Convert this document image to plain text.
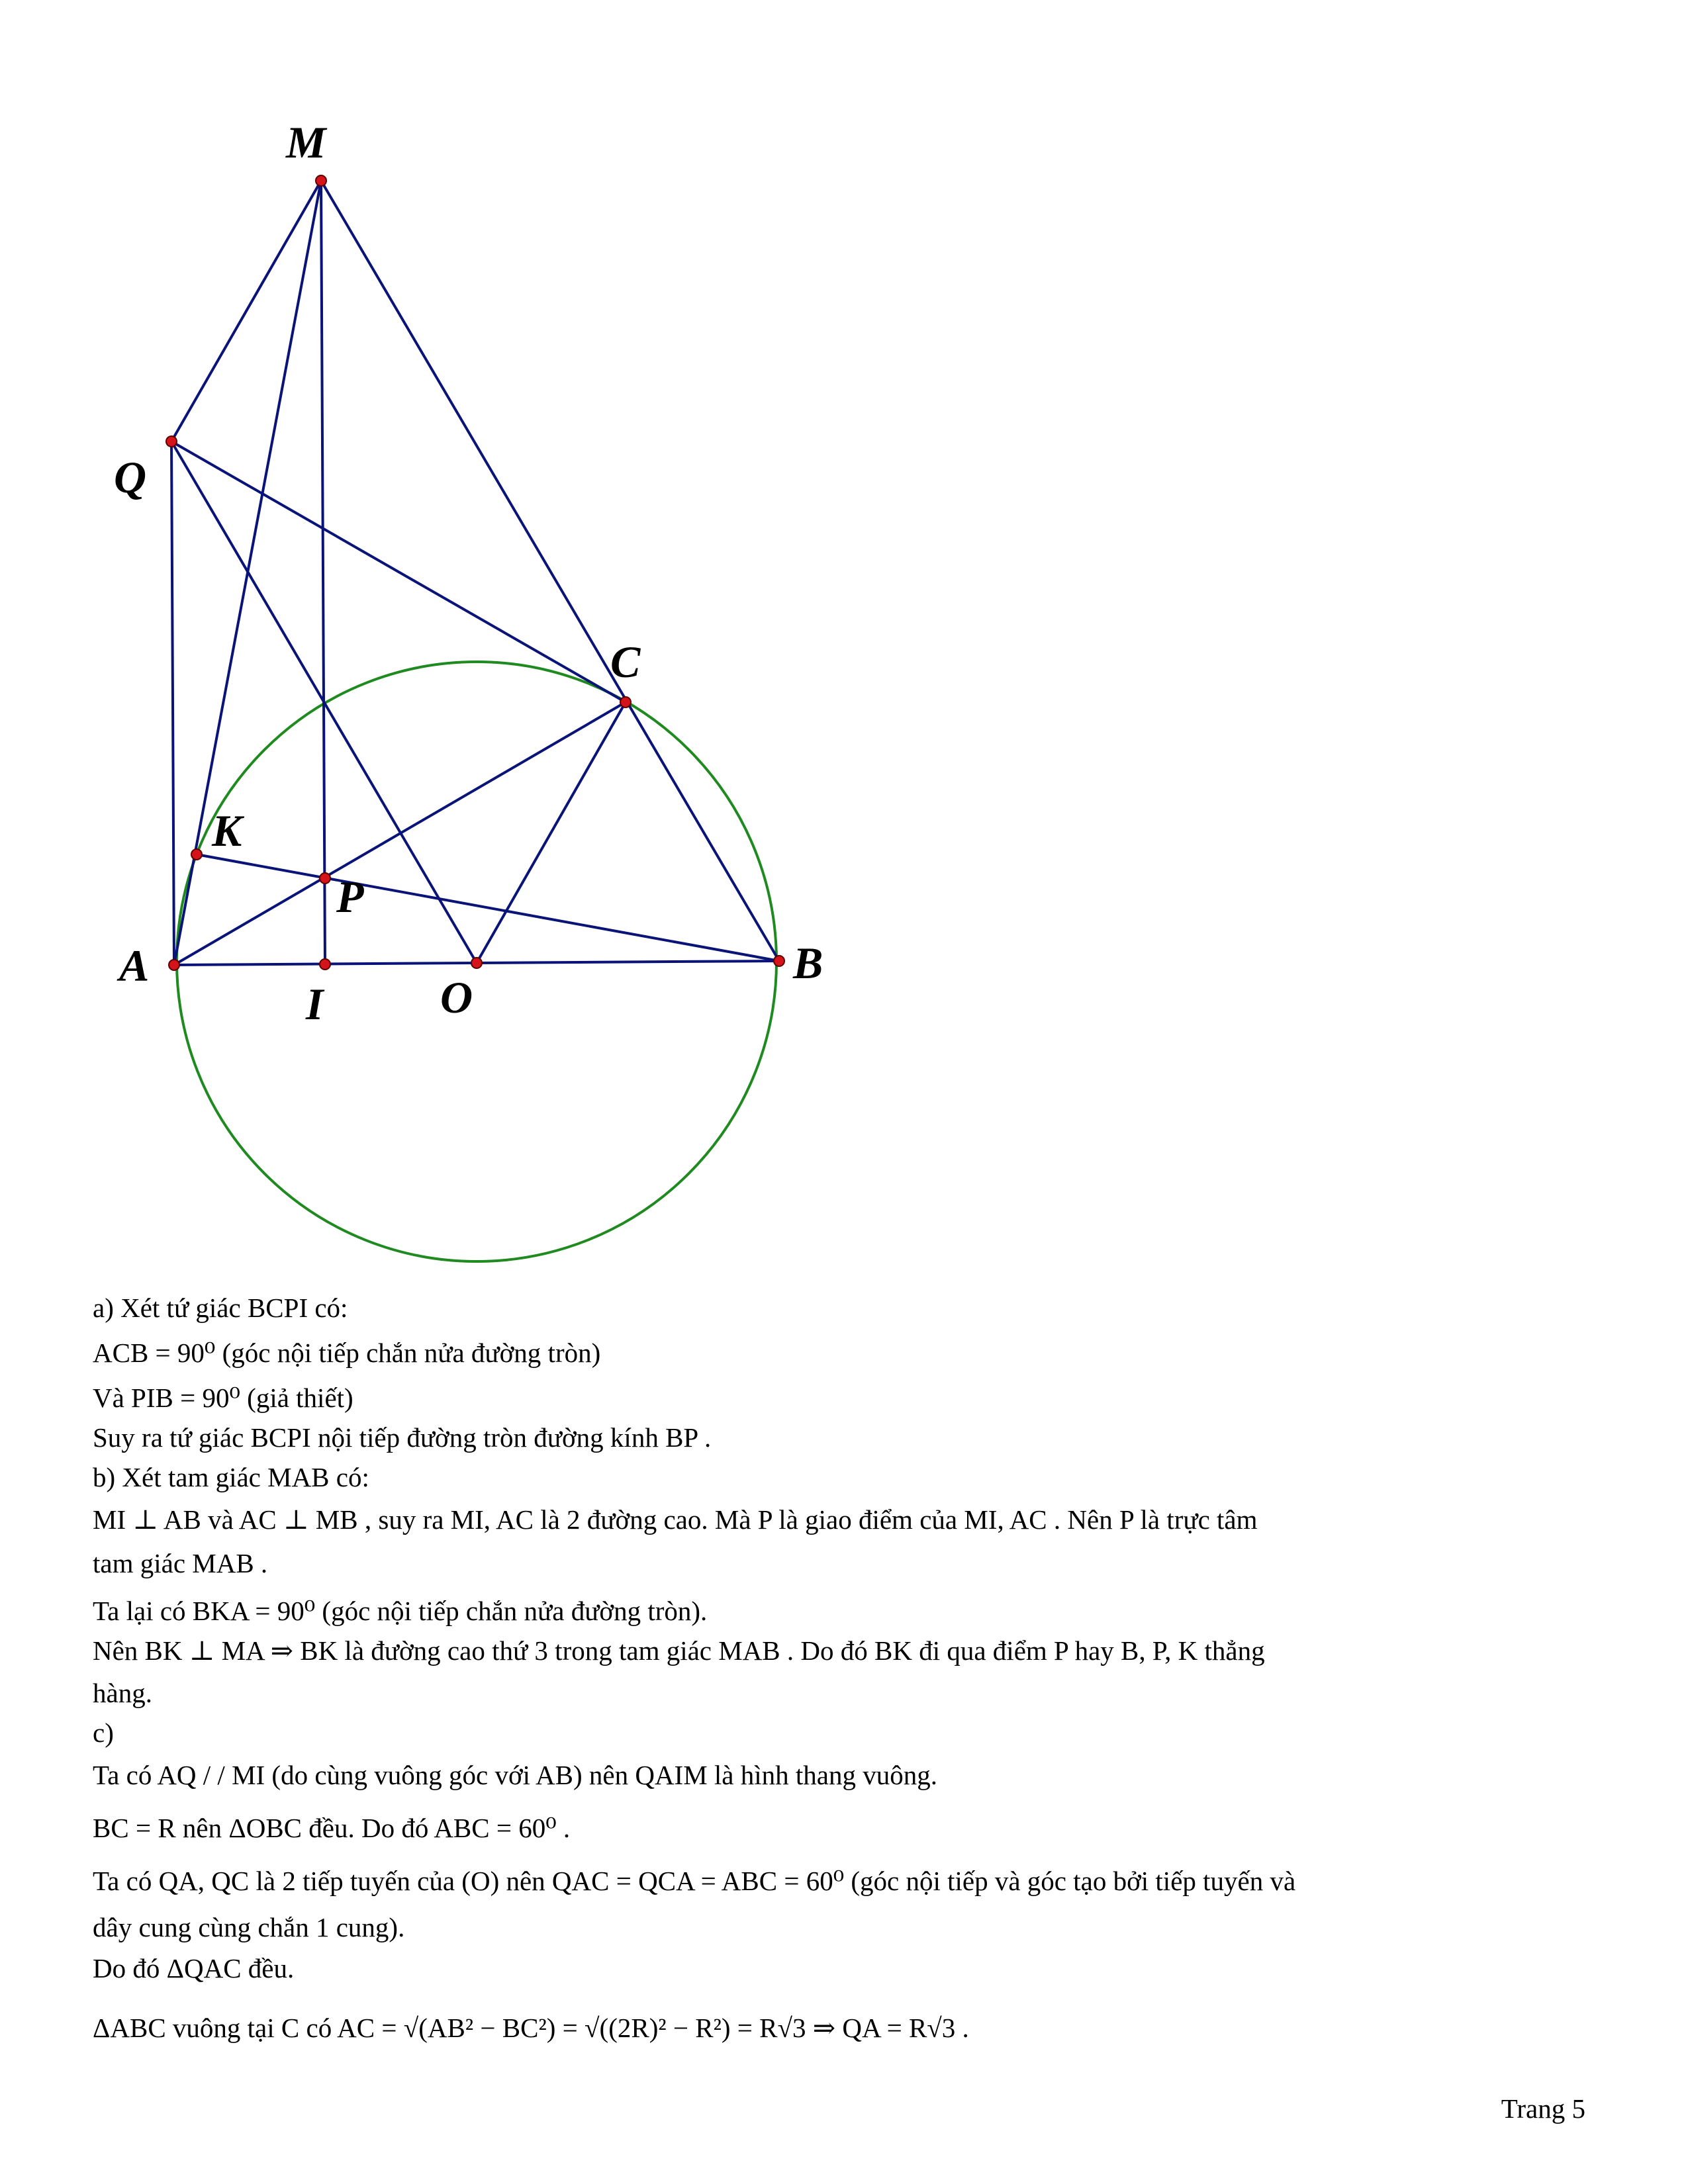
M
Q
C
K
P
A	B
I	O
a) Xét tứ giác BCPI có:
ACB = 90⁰ (góc nội tiếp chắn nửa đường tròn)
Và PIB = 90⁰ (giả thiết)
Suy ra tứ giác BCPI nội tiếp đường tròn đường kính BP .
b) Xét tam giác MAB có:
MI ⊥ AB và AC ⊥ MB , suy ra MI, AC là 2 đường cao. Mà P là giao điểm của MI, AC . Nên P là trực tâm
tam giác MAB .
Ta lại có BKA = 90⁰ (góc nội tiếp chắn nửa đường tròn).
Nên BK ⊥ MA ⇒ BK là đường cao thứ 3 trong tam giác MAB . Do đó BK đi qua điểm P hay B, P, K thẳng
hàng.
c)
Ta có AQ / / MI (do cùng vuông góc với AB) nên QAIM là hình thang vuông.
BC = R nên ΔOBC đều. Do đó ABC = 60⁰ .
Ta có QA, QC là 2 tiếp tuyến của (O) nên QAC = QCA = ABC = 60⁰ (góc nội tiếp và góc tạo bởi tiếp tuyến và
dây cung cùng chắn 1 cung).
Do đó ΔQAC đều.
ΔABC vuông tại C có AC = √(AB² − BC²) = √((2R)² − R²) = R√3 ⇒ QA = R√3 .
Trang 5
